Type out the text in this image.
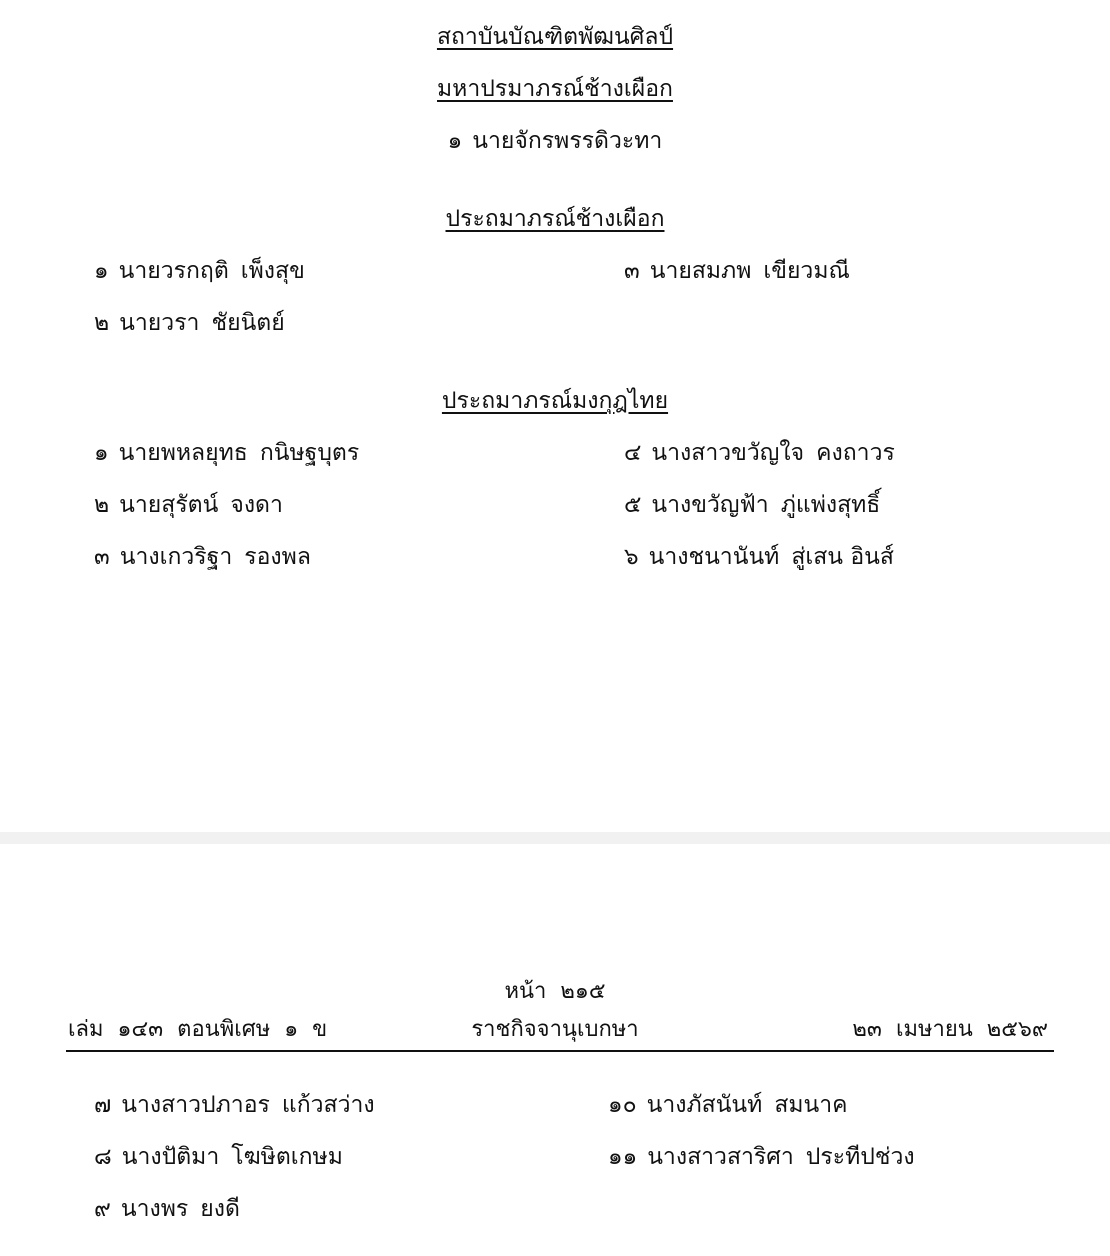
สถาบันบัณฑิตพัฒนศิลป์
มหาปรมาภรณ์ช้างเผือก
๑ นายจักรพรรดิวะทา
ประถมาภรณ์ช้างเผือก
๑ นายวรกฤติ เพ็งสุข
๒ นายวรา ชัยนิตย์
๓ นายสมภพ เขียวมณี
ประถมาภรณ์มงกุฎไทย
๑ นายพหลยุทธ กนิษฐบุตร
๒ นายสุรัตน์ จงดา
๓ นางเกวริฐา รองพล
๔ นางสาวขวัญใจ คงถาวร
๕ นางขวัญฟ้า ภู่แพ่งสุทธิ์
๖ นางชนานันท์ สู่เสน อินส์
หน้า ๒๑๕
เล่ม ๑๔๓ ตอนพิเศษ ๑ ข	ราชกิจจานุเบกษา	๒๓ เมษายน ๒๕๖๙
๗ นางสาวปภาอร แก้วสว่าง
๘ นางปัติมา โฆษิตเกษม
๙ นางพร ยงดี
๑๐ นางภัสนันท์ สมนาค
๑๑ นางสาวสาริศา ประทีปช่วง
